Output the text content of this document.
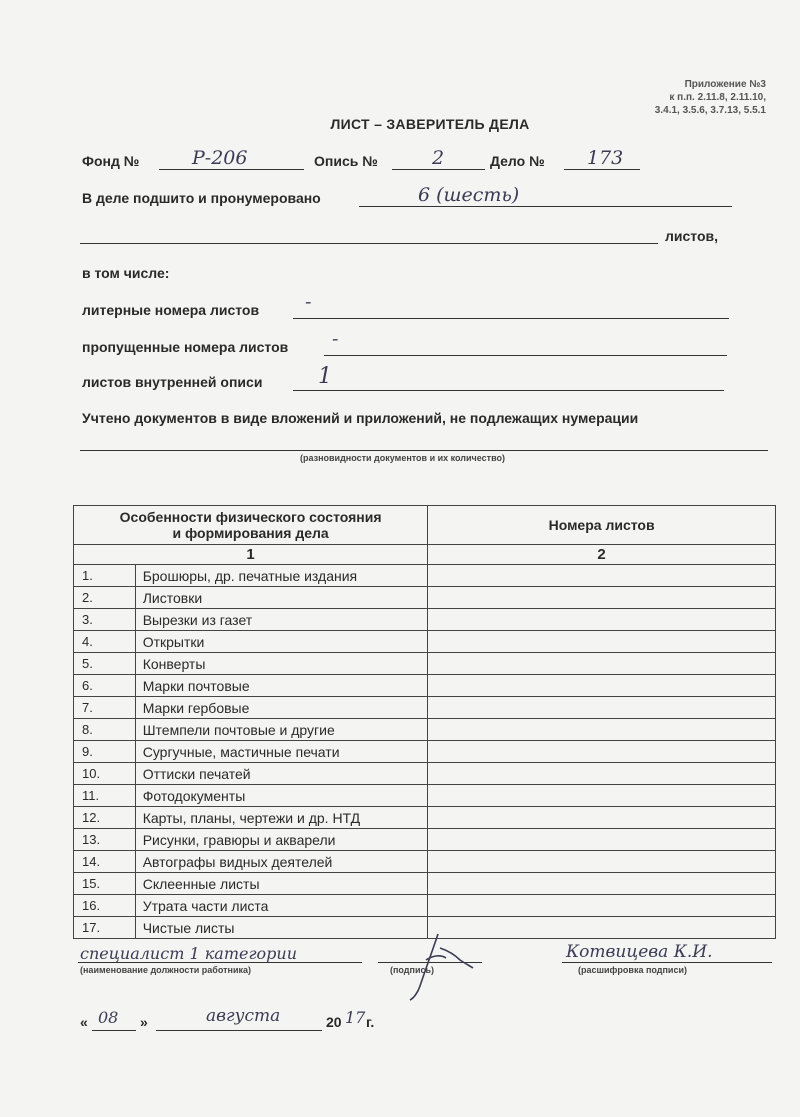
Приложение №3
к п.п. 2.11.8, 2.11.10,
3.4.1, 3.5.6, 3.7.13, 5.5.1
ЛИСТ – ЗАВЕРИТЕЛЬ ДЕЛА
Фонд №	Р-206	Опись №	2	Дело № 173
В деле подшито и пронумеровано	6 (шесть)
листов,
в том числе:
литерные номера листов -
пропущенные номера листов -
листов внутренней описи	1
Учтено документов в виде вложений и приложений, не подлежащих нумерации
(разновидности документов и их количество)
Особенности физического состояния и формирования дела		Номера листов
1		2
1.	Брошюры, др. печатные издания	
2.	Листовки	
3.	Вырезки из газет	
4.	Открытки	
5.	Конверты	
6.	Марки почтовые	
7.	Марки гербовые	
8.	Штемпели почтовые и другие	
9.	Сургучные, мастичные печати	
10.	Оттиски печатей	
11.	Фотодокументы	
12.	Карты, планы, чертежи и др. НТД	
13.	Рисунки, гравюры и акварели	
14.	Автографы видных деятелей	
15.	Склеенные листы	
16.	Утрата части листа	
17.	Чистые листы	
специалист 1 категории
(наименование должности работника)	(подпись)
Котвицева К.И.
(расшифровка подписи)
« 08 »	августа	20 17 г.
